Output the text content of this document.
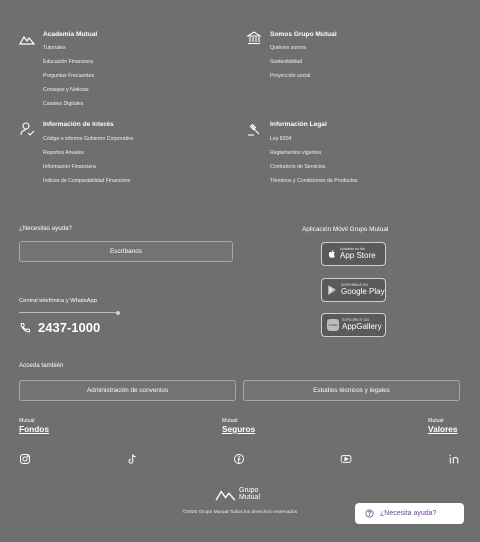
Academia Mutual
Tutoriales
Educación Financiera
Preguntas Frecuentes
Consejos y Noticias
Canales Digitales
Somos Grupo Mutual
Quiénes somos
Sostenibilidad
Proyección social
Información de Interés
Código e informe Gobierno Corporativo
Reportes Anuales
Información Financiera
Índices de Comparabilidad Financiera
Información Legal
Ley 8204
Reglamentos vigentes
Contralorío de Servicios
Términos y Condiciones de Productos
¿Necesitas ayuda?
Escríbanos
Central telefónica y WhatsApp
2437-1000
Aplicación Móvil Grupo Mutual
Available on the
App Store
DISPONIBLE EN
Google Play
HUAWEI
EXPLORE IT ON
AppGallery
Acceda también
Administración de convenios	Estudios técnicos y legales
Mutual
Fondos
Mutual
Seguros
Mutual
Valores
Grupo
Mutual
©2025 Grupo Mutual Todos los derechos reservados	¿Necesita ayuda?
